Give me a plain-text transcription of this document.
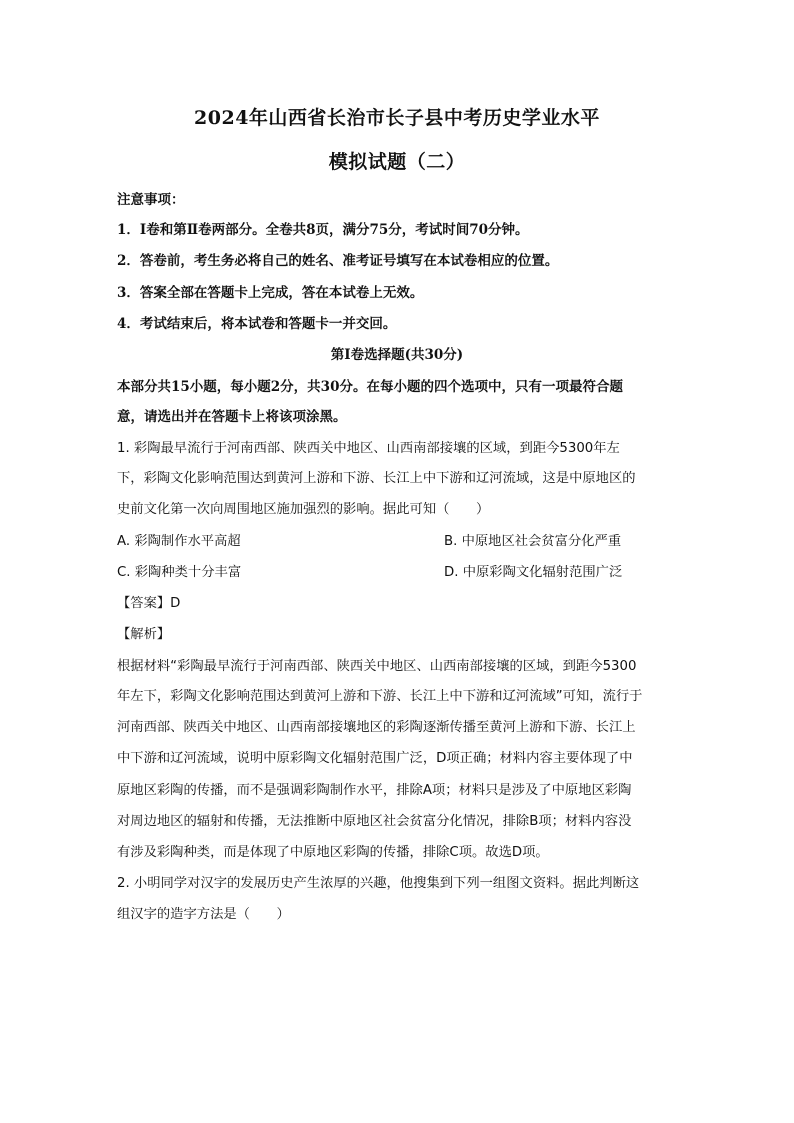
2024年山西省长治市长子县中考历史学业水平
模拟试题（二）
注意事项：
1．Ⅰ卷和第Ⅱ卷两部分。全卷共8页，满分75分，考试时间70分钟。
2．答卷前，考生务必将自己的姓名、准考证号填写在本试卷相应的位置。
3．答案全部在答题卡上完成，答在本试卷上无效。
4．考试结束后，将本试卷和答题卡一并交回。
第Ⅰ卷选择题(共30分)
本部分共15小题，每小题2分，共30分。在每小题的四个选项中，只有一项最符合题
意，请选出并在答题卡上将该项涂黑。
1. 彩陶最早流行于河南西部、陕西关中地区、山西南部接壤的区域，到距今5300年左
下，彩陶文化影响范围达到黄河上游和下游、长江上中下游和辽河流域，这是中原地区的
史前文化第一次向周围地区施加强烈的影响。据此可知（　　）
A. 彩陶制作水平高超	B. 中原地区社会贫富分化严重
C. 彩陶种类十分丰富	D. 中原彩陶文化辐射范围广泛
【答案】D
【解析】
根据材料“彩陶最早流行于河南西部、陕西关中地区、山西南部接壤的区域，到距今5300
年左下，彩陶文化影响范围达到黄河上游和下游、长江上中下游和辽河流域”可知，流行于
河南西部、陕西关中地区、山西南部接壤地区的彩陶逐渐传播至黄河上游和下游、长江上
中下游和辽河流域，说明中原彩陶文化辐射范围广泛，D项正确；材料内容主要体现了中
原地区彩陶的传播，而不是强调彩陶制作水平，排除A项；材料只是涉及了中原地区彩陶
对周边地区的辐射和传播，无法推断中原地区社会贫富分化情况，排除B项；材料内容没
有涉及彩陶种类，而是体现了中原地区彩陶的传播，排除C项。故选D项。
2. 小明同学对汉字的发展历史产生浓厚的兴趣，他搜集到下列一组图文资料。据此判断这
组汉字的造字方法是（　　）
